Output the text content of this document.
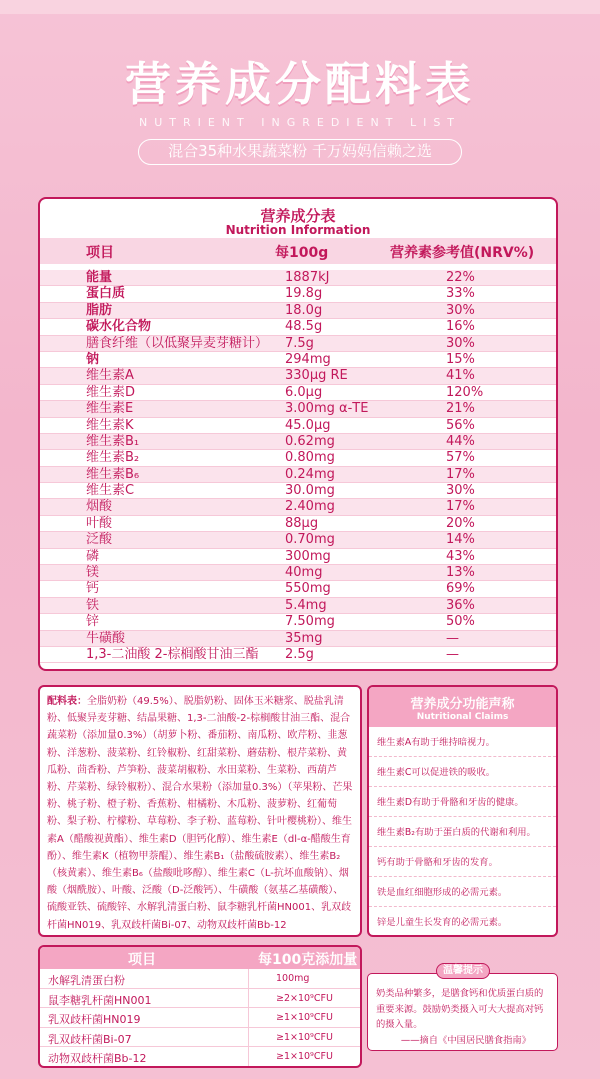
营养成分配料表
NUTRIENT INGREDIENT LIST
混合35种水果蔬菜粉 千万妈妈信赖之选
营养成分表
Nutrition Information
项目	每100g	营养素参考值(NRV%)
能量	1887kJ	22%
蛋白质	19.8g	33%
脂肪	18.0g	30%
碳水化合物	48.5g	16%
膳食纤维（以低聚异麦芽糖计） 7.5g	30%
钠	294mg	15%
维生素A	330μg RE	41%
维生素D	6.0μg	120%
维生素E	3.00mg α-TE	21%
维生素K	45.0μg	56%
维生素B₁	0.62mg	44%
维生素B₂	0.80mg	57%
维生素B₆	0.24mg	17%
维生素C	30.0mg	30%
烟酸	2.40mg	17%
叶酸	88μg	20%
泛酸	0.70mg	14%
磷	300mg	43%
镁	40mg	13%
钙	550mg	69%
铁	5.4mg	36%
锌	7.50mg	50%
牛磺酸	35mg	—
1,3-二油酸 2-棕榈酸甘油三酯 2.5g	—
配料表：全脂奶粉（49.5%）、脱脂奶粉、固体玉米糖浆、脱盐乳清粉、低聚异麦芽糖、结晶果糖、1,3-二油酸-2-棕榈酸甘油三酯、混合蔬菜粉（添加量0.3%）（胡萝卜粉、番茄粉、南瓜粉、欧芹粉、韭葱粉、洋葱粉、菠菜粉、红铃椒粉、红甜菜粉、蘑菇粉、根芹菜粉、黄瓜粉、茴香粉、芦笋粉、菠菜胡椒粉、水田菜粉、生菜粉、西葫芦粉、芹菜粉、绿铃椒粉）、混合水果粉（添加量0.3%）（苹果粉、芒果粉、桃子粉、橙子粉、香蕉粉、柑橘粉、木瓜粉、菠萝粉、红葡萄粉、梨子粉、柠檬粉、草莓粉、李子粉、蓝莓粉、针叶樱桃粉）、维生素A（醋酸视黄酯）、维生素D（胆钙化醇）、维生素E（dl-α-醋酸生育酚）、维生素K（植物甲萘醌）、维生素B₁（盐酸硫胺素）、维生素B₂（核黄素）、维生素B₆（盐酸吡哆醇）、维生素C（L-抗坏血酸钠）、烟酸（烟酰胺）、叶酸、泛酸（D-泛酸钙）、牛磺酸（氨基乙基磺酸）、硫酸亚铁、硫酸锌、水解乳清蛋白粉、鼠李糖乳杆菌HN001、乳双歧杆菌HN019、乳双歧杆菌Bi-07、动物双歧杆菌Bb-12
营养成分功能声称
Nutritional Claims
维生素A有助于维持暗视力。
维生素C可以促进铁的吸收。
维生素D有助于骨骼和牙齿的健康。
维生素B₂有助于蛋白质的代谢和利用。
钙有助于骨骼和牙齿的发育。
铁是血红细胞形成的必需元素。
锌是儿童生长发育的必需元素。
项目	每100克添加量
水解乳清蛋白粉	100mg
鼠李糖乳杆菌HN001	≥2×10⁹CFU
乳双歧杆菌HN019	≥1×10⁹CFU
乳双歧杆菌Bi-07	≥1×10⁹CFU
动物双歧杆菌Bb-12	≥1×10⁹CFU
奶类品种繁多，是膳食钙和优质蛋白质的重要来源。鼓励奶类摄入可大大提高对钙的摄入量。
——摘自《中国居民膳食指南》
温馨提示
